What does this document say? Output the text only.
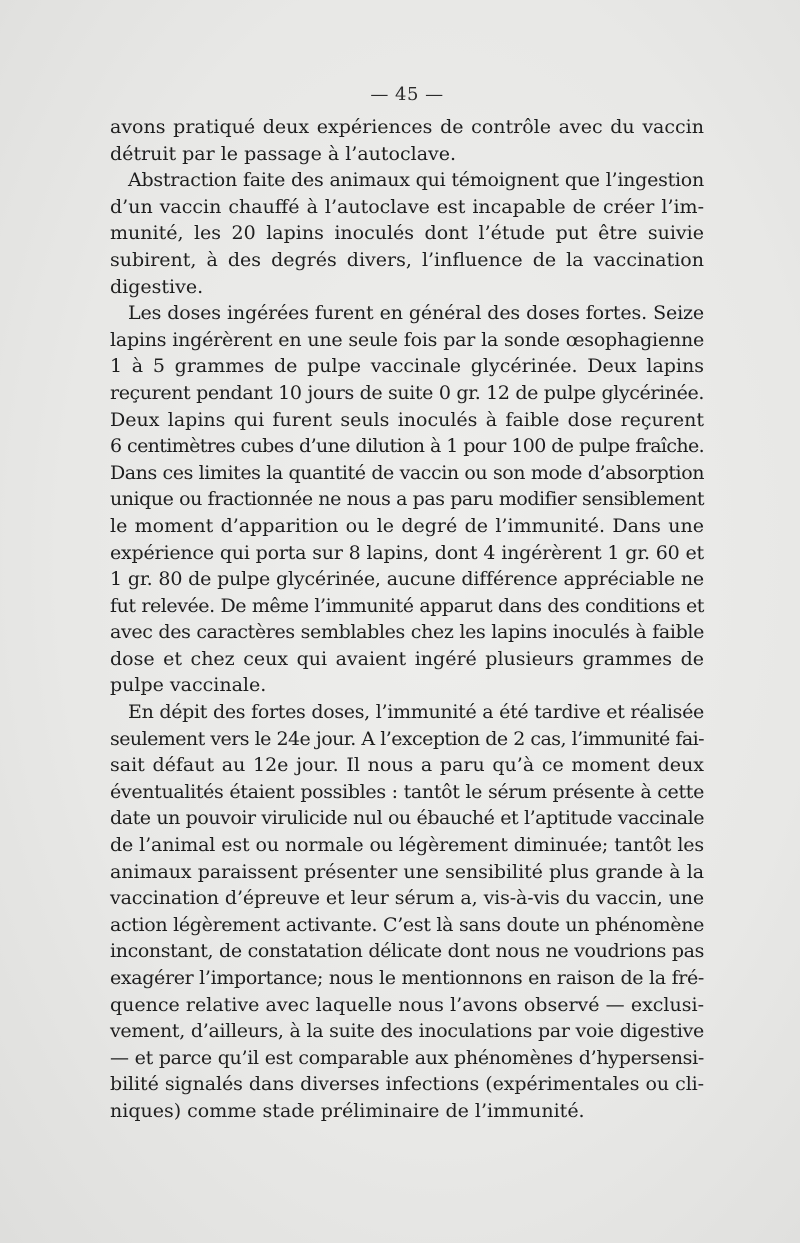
— 45 —
avons pratiqué deux expériences de contrôle avec du vaccin
détruit par le passage à l’autoclave.
Abstraction faite des animaux qui témoignent que l’ingestion
d’un vaccin chauffé à l’autoclave est incapable de créer l’im-
munité, les 20 lapins inoculés dont l’étude put être suivie
subirent, à des degrés divers, l’influence de la vaccination
digestive.
Les doses ingérées furent en général des doses fortes. Seize
lapins ingérèrent en une seule fois par la sonde œsophagienne
1 à 5 grammes de pulpe vaccinale glycérinée. Deux lapins
reçurent pendant 10 jours de suite 0 gr. 12 de pulpe glycérinée.
Deux lapins qui furent seuls inoculés à faible dose reçurent
6 centimètres cubes d’une dilution à 1 pour 100 de pulpe fraîche.
Dans ces limites la quantité de vaccin ou son mode d’absorption
unique ou fractionnée ne nous a pas paru modifier sensiblement
le moment d’apparition ou le degré de l’immunité. Dans une
expérience qui porta sur 8 lapins, dont 4 ingérèrent 1 gr. 60 et
1 gr. 80 de pulpe glycérinée, aucune différence appréciable ne
fut relevée. De même l’immunité apparut dans des conditions et
avec des caractères semblables chez les lapins inoculés à faible
dose et chez ceux qui avaient ingéré plusieurs grammes de
pulpe vaccinale.
En dépit des fortes doses, l’immunité a été tardive et réalisée
seulement vers le 24e jour. A l’exception de 2 cas, l’immunité fai-
sait défaut au 12e jour. Il nous a paru qu’à ce moment deux
éventualités étaient possibles : tantôt le sérum présente à cette
date un pouvoir virulicide nul ou ébauché et l’aptitude vaccinale
de l’animal est ou normale ou légèrement diminuée; tantôt les
animaux paraissent présenter une sensibilité plus grande à la
vaccination d’épreuve et leur sérum a, vis-à-vis du vaccin, une
action légèrement activante. C’est là sans doute un phénomène
inconstant, de constatation délicate dont nous ne voudrions pas
exagérer l’importance; nous le mentionnons en raison de la fré-
quence relative avec laquelle nous l’avons observé — exclusi-
vement, d’ailleurs, à la suite des inoculations par voie digestive
— et parce qu’il est comparable aux phénomènes d’hypersensi-
bilité signalés dans diverses infections (expérimentales ou cli-
niques) comme stade préliminaire de l’immunité.
